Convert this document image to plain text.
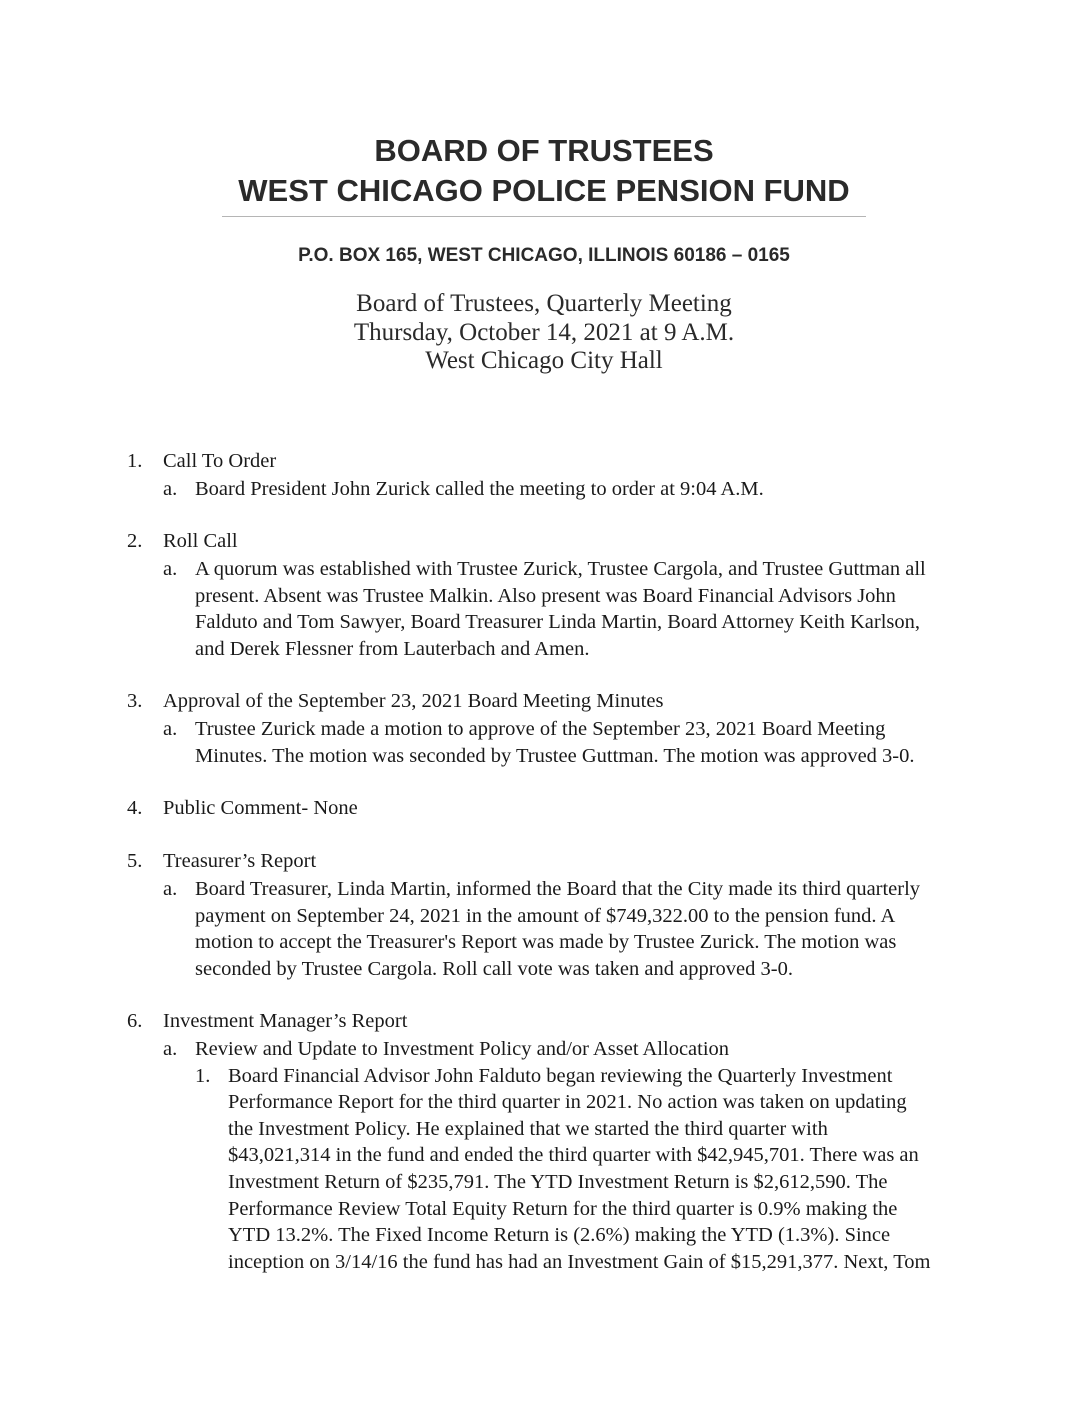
BOARD OF TRUSTEES
WEST CHICAGO POLICE PENSION FUND
P.O. BOX 165, WEST CHICAGO, ILLINOIS 60186 – 0165
Board of Trustees, Quarterly Meeting
Thursday, October 14, 2021 at 9 A.M.
West Chicago City Hall
1. Call To Order
a. Board President John Zurick called the meeting to order at 9:04 A.M.
2. Roll Call
a. A quorum was established with Trustee Zurick, Trustee Cargola, and Trustee Guttman all
present. Absent was Trustee Malkin. Also present was Board Financial Advisors John
Falduto and Tom Sawyer, Board Treasurer Linda Martin, Board Attorney Keith Karlson,
and Derek Flessner from Lauterbach and Amen.
3. Approval of the September 23, 2021 Board Meeting Minutes
a. Trustee Zurick made a motion to approve of the September 23, 2021 Board Meeting
Minutes. The motion was seconded by Trustee Guttman. The motion was approved 3-0.
4. Public Comment- None
5. Treasurer’s Report
a. Board Treasurer, Linda Martin, informed the Board that the City made its third quarterly
payment on September 24, 2021 in the amount of $749,322.00 to the pension fund. A
motion to accept the Treasurer's Report was made by Trustee Zurick. The motion was
seconded by Trustee Cargola. Roll call vote was taken and approved 3-0.
6. Investment Manager’s Report
a. Review and Update to Investment Policy and/or Asset Allocation
1. Board Financial Advisor John Falduto began reviewing the Quarterly Investment
Performance Report for the third quarter in 2021. No action was taken on updating
the Investment Policy. He explained that we started the third quarter with
$43,021,314 in the fund and ended the third quarter with $42,945,701. There was an
Investment Return of $235,791. The YTD Investment Return is $2,612,590. The
Performance Review Total Equity Return for the third quarter is 0.9% making the
YTD 13.2%. The Fixed Income Return is (2.6%) making the YTD (1.3%). Since
inception on 3/14/16 the fund has had an Investment Gain of $15,291,377. Next, Tom
